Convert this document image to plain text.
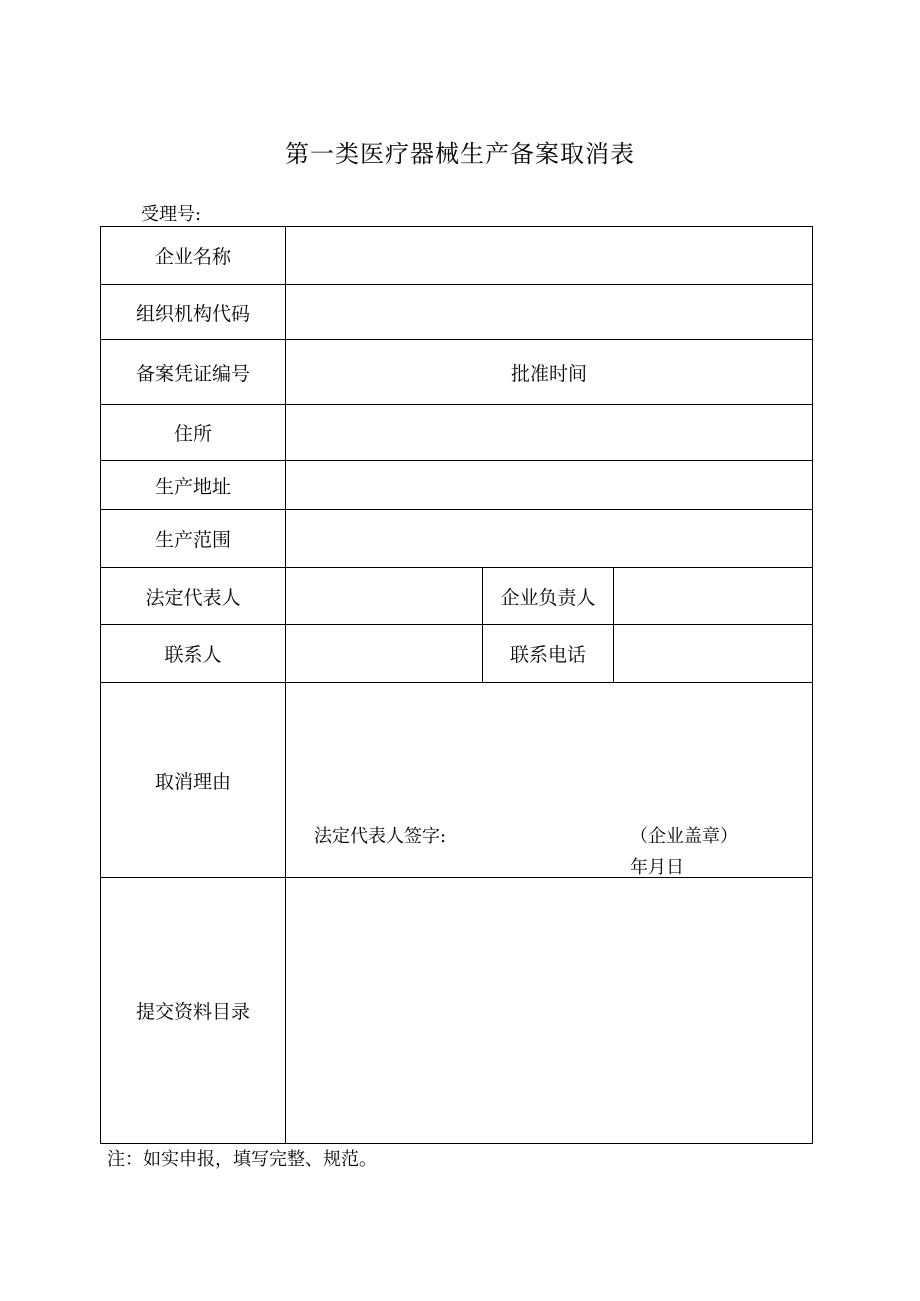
第一类医疗器械生产备案取消表
受理号:
企业名称			
组织机构代码			
备案凭证编号	批准时间		
住所			
生产地址			
生产范围			
法定代表人		企业负责人	
联系人		联系电话	
取消理由	法定代表人签字: （企业盖章）
年月日		

提交资料目录			
注：如实申报，填写完整、规范。
